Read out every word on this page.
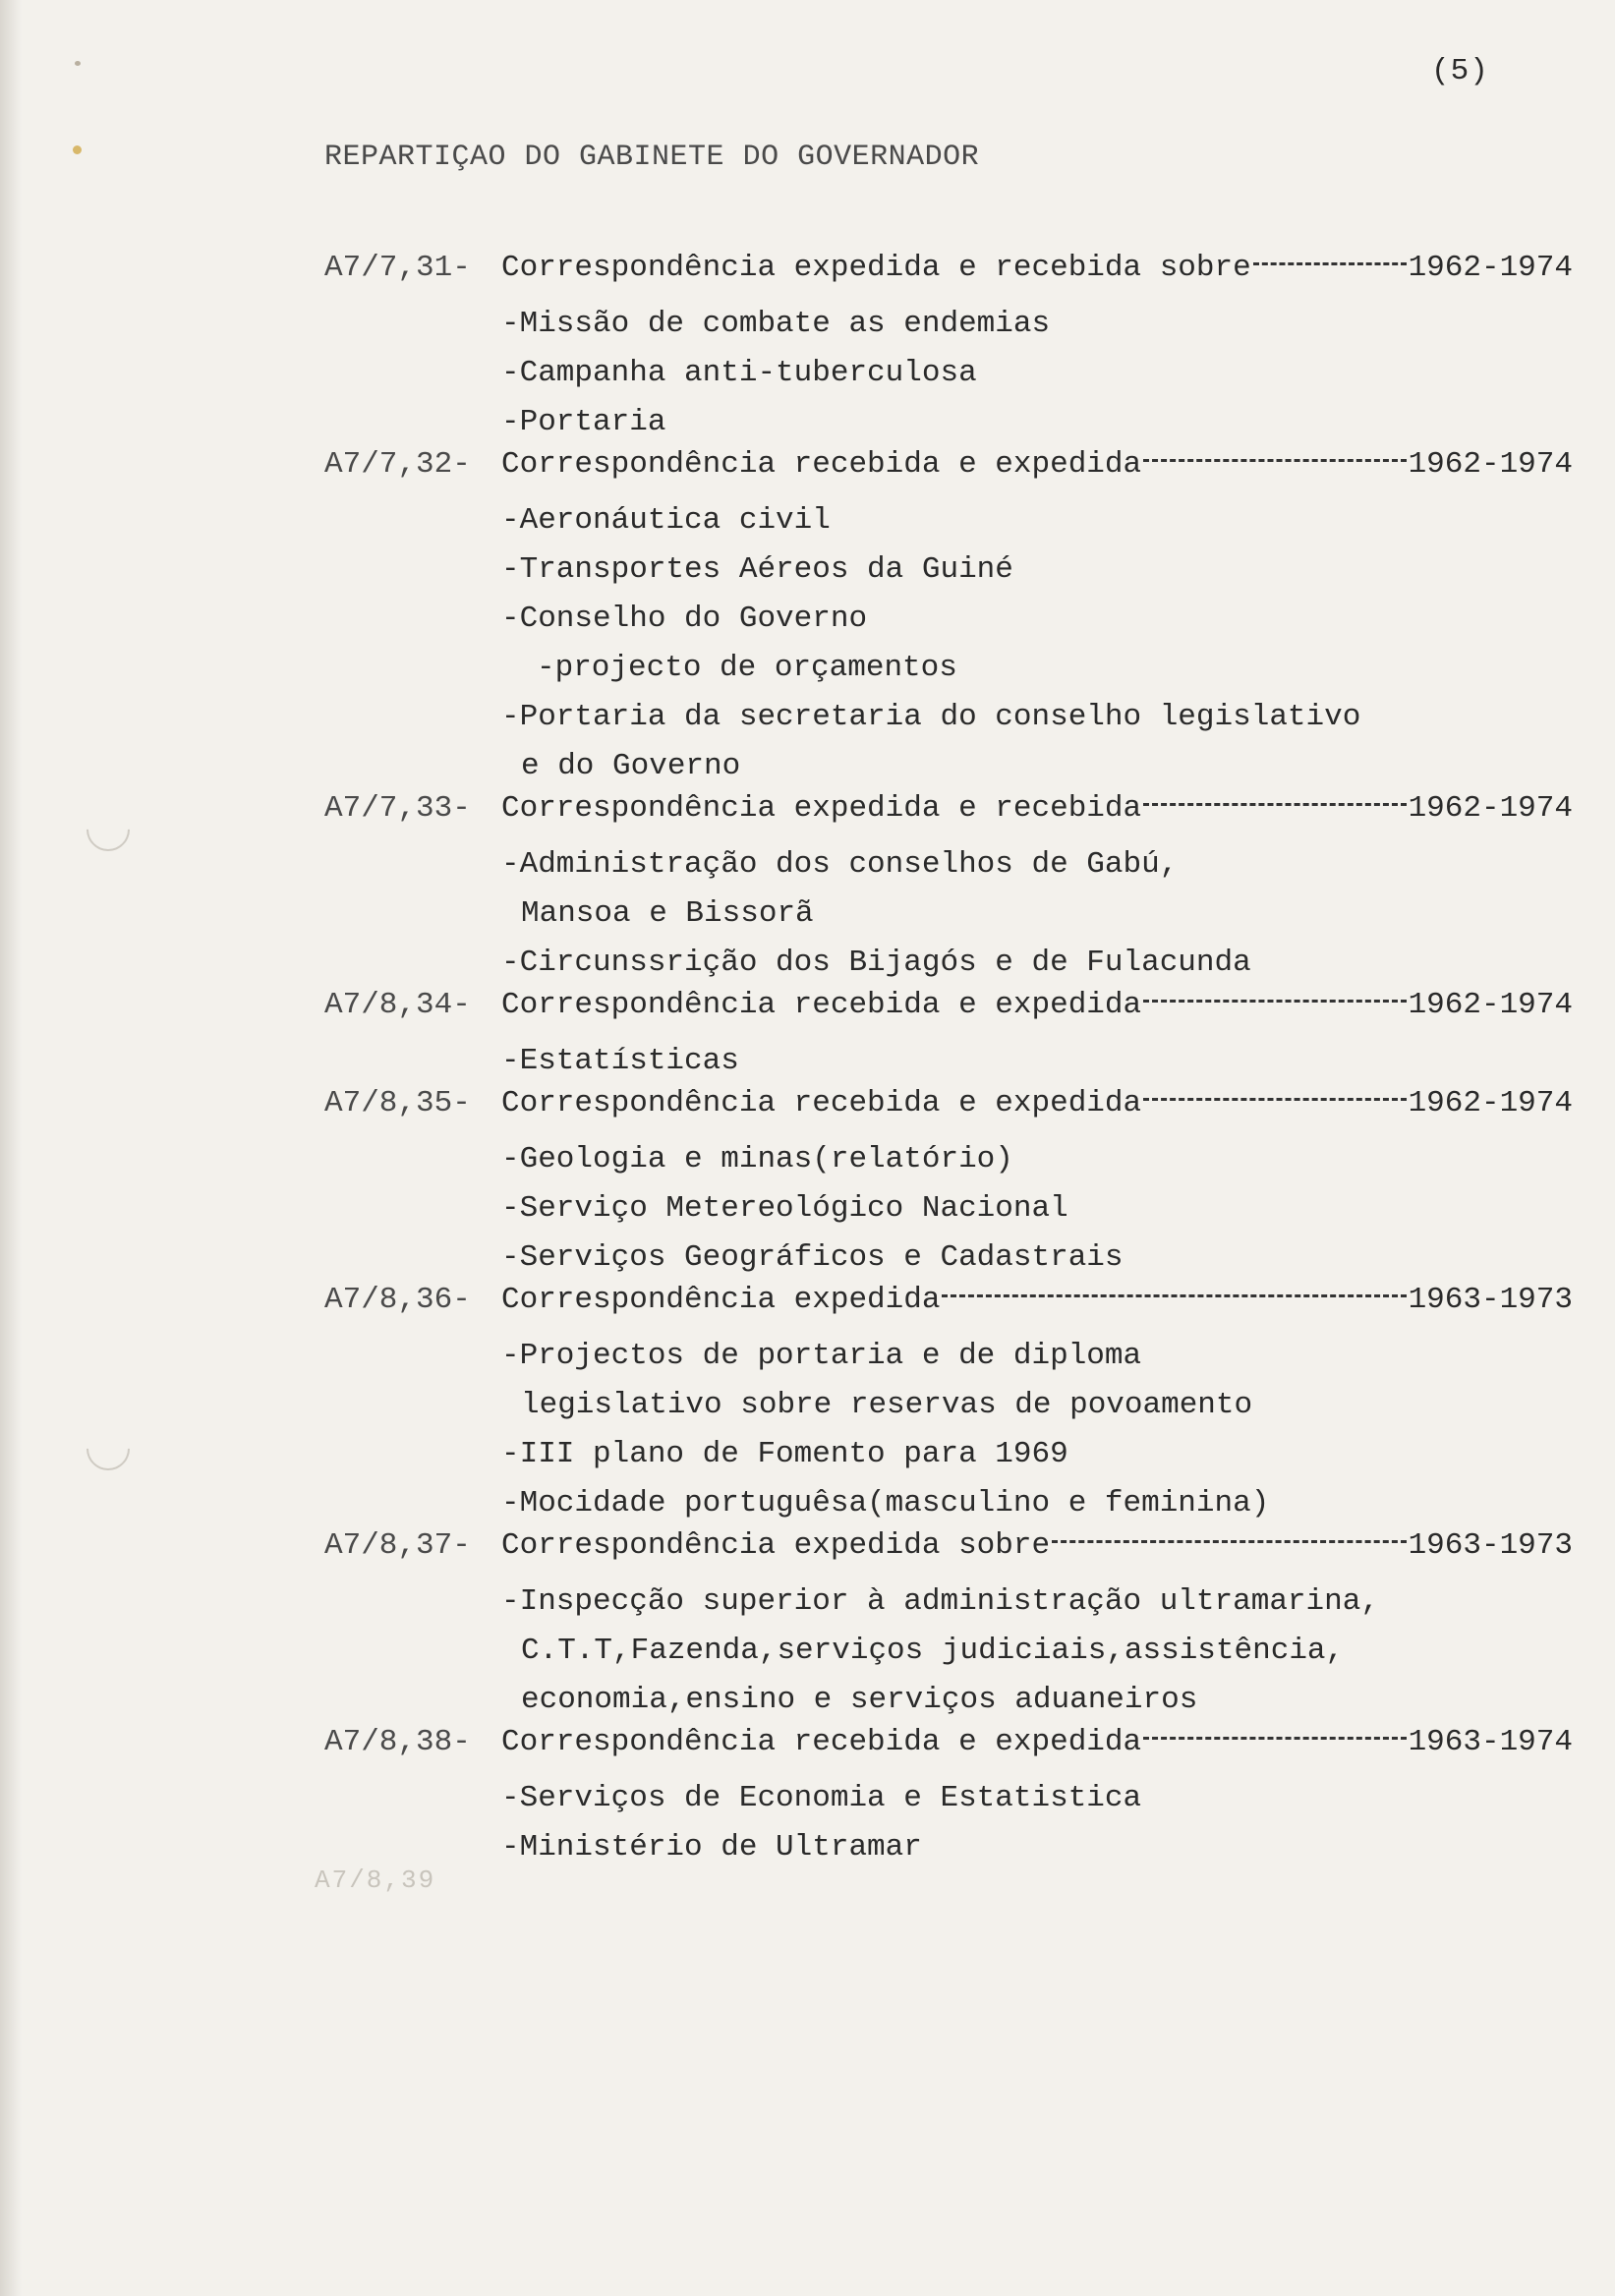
(5)
REPARTIÇAO DO GABINETE DO GOVERNADOR
A7/7,31-	Correspondência expedida e recebida sobre	1962-1974
-Missão de combate as endemias
-Campanha anti-tuberculosa
-Portaria
A7/7,32-	Correspondência recebida e expedida	1962-1974
-Aeronáutica civil
-Transportes Aéreos da Guiné
-Conselho do Governo
-projecto de orçamentos
-Portaria da secretaria do conselho legislativo
e do Governo
A7/7,33-	Correspondência expedida e recebida	1962-1974
-Administração dos conselhos de Gabú,
Mansoa e Bissorã
-Circunssrição dos Bijagós e de Fulacunda
A7/8,34-	Correspondência recebida e expedida	1962-1974
-Estatísticas
A7/8,35-	Correspondência recebida e expedida	1962-1974
-Geologia e minas(relatório)
-Serviço Metereológico Nacional
-Serviços Geográficos e Cadastrais
A7/8,36-	Correspondência expedida	1963-1973
-Projectos de portaria e de diploma
legislativo sobre reservas de povoamento
-III plano de Fomento para 1969
-Mocidade portuguêsa(masculino e feminina)
A7/8,37-	Correspondência expedida sobre	1963-1973
-Inspecção superior à administração ultramarina,
C.T.T,Fazenda,serviços judiciais,assistência,
economia,ensino e serviços aduaneiros
A7/8,38-	Correspondência recebida e expedida	1963-1974
-Serviços de Economia e Estatistica
-Ministério de Ultramar
A7/8,39
